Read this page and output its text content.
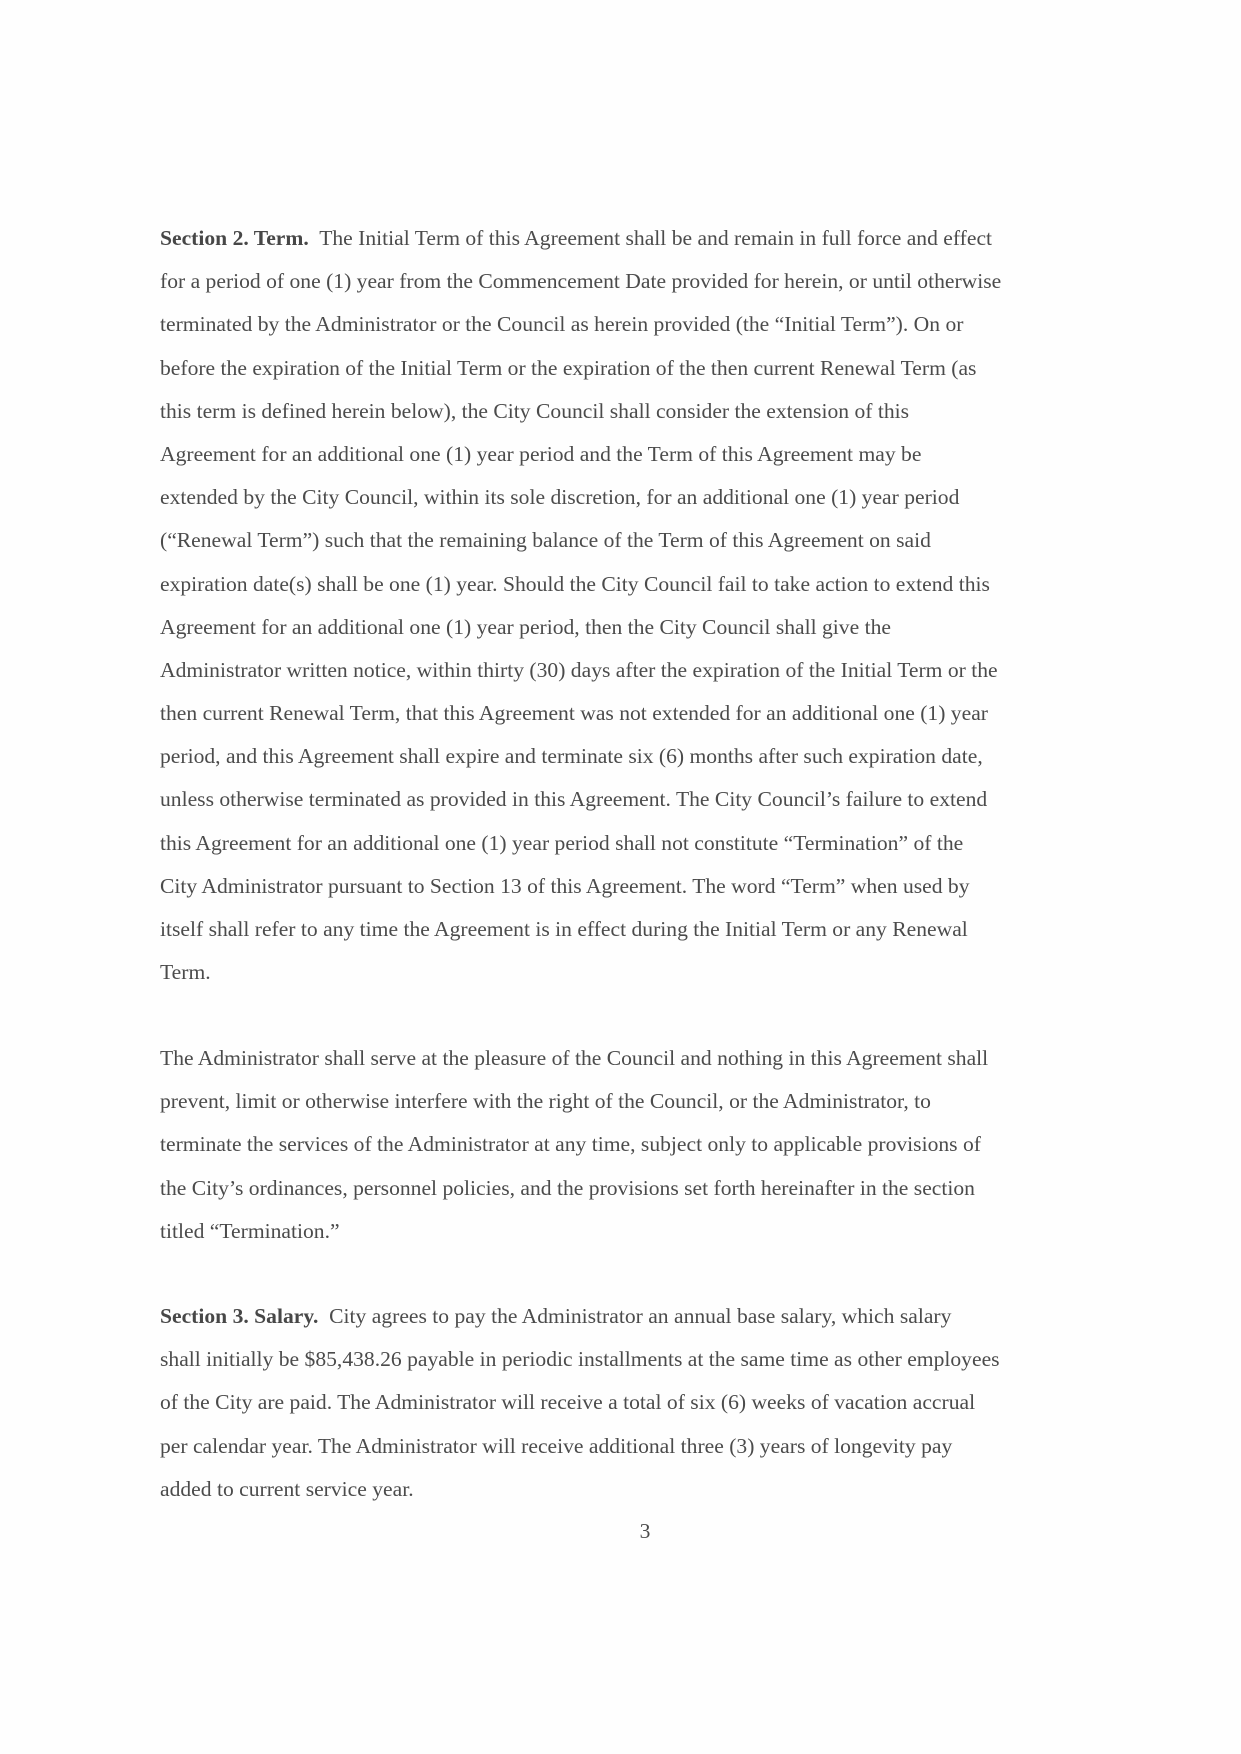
Section 2. Term. The Initial Term of this Agreement shall be and remain in full force and effect
for a period of one (1) year from the Commencement Date provided for herein, or until otherwise
terminated by the Administrator or the Council as herein provided (the “Initial Term”). On or
before the expiration of the Initial Term or the expiration of the then current Renewal Term (as
this term is defined herein below), the City Council shall consider the extension of this
Agreement for an additional one (1) year period and the Term of this Agreement may be
extended by the City Council, within its sole discretion, for an additional one (1) year period
(“Renewal Term”) such that the remaining balance of the Term of this Agreement on said
expiration date(s) shall be one (1) year. Should the City Council fail to take action to extend this
Agreement for an additional one (1) year period, then the City Council shall give the
Administrator written notice, within thirty (30) days after the expiration of the Initial Term or the
then current Renewal Term, that this Agreement was not extended for an additional one (1) year
period, and this Agreement shall expire and terminate six (6) months after such expiration date,
unless otherwise terminated as provided in this Agreement. The City Council’s failure to extend
this Agreement for an additional one (1) year period shall not constitute “Termination” of the
City Administrator pursuant to Section 13 of this Agreement. The word “Term” when used by
itself shall refer to any time the Agreement is in effect during the Initial Term or any Renewal
Term.
The Administrator shall serve at the pleasure of the Council and nothing in this Agreement shall
prevent, limit or otherwise interfere with the right of the Council, or the Administrator, to
terminate the services of the Administrator at any time, subject only to applicable provisions of
the City’s ordinances, personnel policies, and the provisions set forth hereinafter in the section
titled “Termination.”
Section 3. Salary. City agrees to pay the Administrator an annual base salary, which salary
shall initially be $85,438.26 payable in periodic installments at the same time as other employees
of the City are paid. The Administrator will receive a total of six (6) weeks of vacation accrual
per calendar year. The Administrator will receive additional three (3) years of longevity pay
added to current service year.
3
